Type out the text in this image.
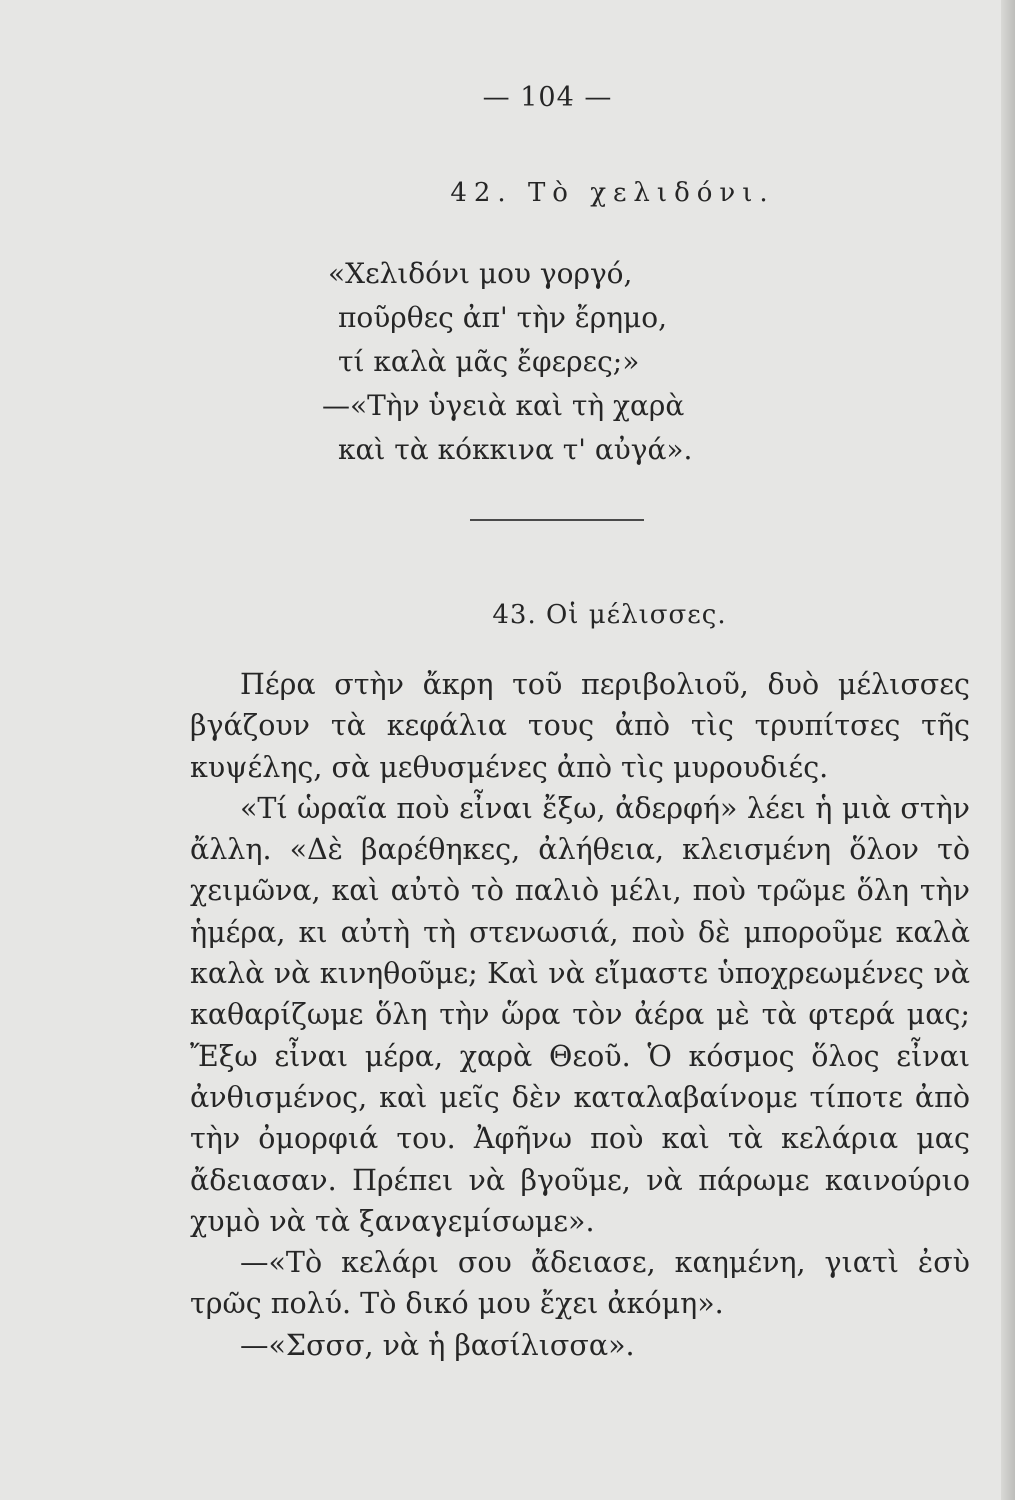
— 104 —
42. Τὸ χελιδόνι.
«Χελιδόνι μου γοργό,
ποῦρθες ἀπ' τὴν ἔρημο,
τί καλὰ μᾶς ἔφερες;»
—«Τὴν ὑγειὰ καὶ τὴ χαρὰ
καὶ τὰ κόκκινα τ' αὐγά».
43. Οἱ μέλισσες.

Πέρα στὴν ἄκρη τοῦ περιβολιοῦ, δυὸ μέλισσες βγάζουν τὰ κεφάλια τους ἀπὸ τὶς τρυπίτσες τῆς κυψέλης, σὰ μεθυσμένες ἀπὸ τὶς μυρουδιές.

«Τί ὡραῖα ποὺ εἶναι ἔξω, ἀδερφή» λέει ἡ μιὰ στὴν ἄλλη. «Δὲ βαρέθηκες, ἀλήθεια, κλεισμένη ὅλον τὸ χειμῶνα, καὶ αὐτὸ τὸ παλιὸ μέλι, ποὺ τρῶμε ὅλη τὴν ἡμέρα, κι αὐτὴ τὴ στενωσιά, ποὺ δὲ μποροῦμε καλὰ καλὰ νὰ κινηθοῦμε; Καὶ νὰ εἴμαστε ὑποχρεωμένες νὰ καθαρίζωμε ὅλη τὴν ὥρα τὸν ἀέρα μὲ τὰ φτερά μας; Ἔξω εἶναι μέρα, χαρὰ Θεοῦ. Ὁ κόσμος ὅλος εἶναι ἀνθισμένος, καὶ μεῖς δὲν καταλαβαίνομε τίποτε ἀπὸ τὴν ὀμορφιά του. Ἀφῆνω ποὺ καὶ τὰ κελάρια μας ἄδειασαν. Πρέπει νὰ βγοῦμε, νὰ πάρωμε καινούριο χυμὸ νὰ τὰ ξαναγεμίσωμε».

—«Τὸ κελάρι σου ἄδειασε, καημένη, γιατὶ ἐσὺ τρῶς πολύ. Τὸ δικό μου ἔχει ἀκόμη».

—«Σσσσ, νὰ ἡ βασίλισσα».
